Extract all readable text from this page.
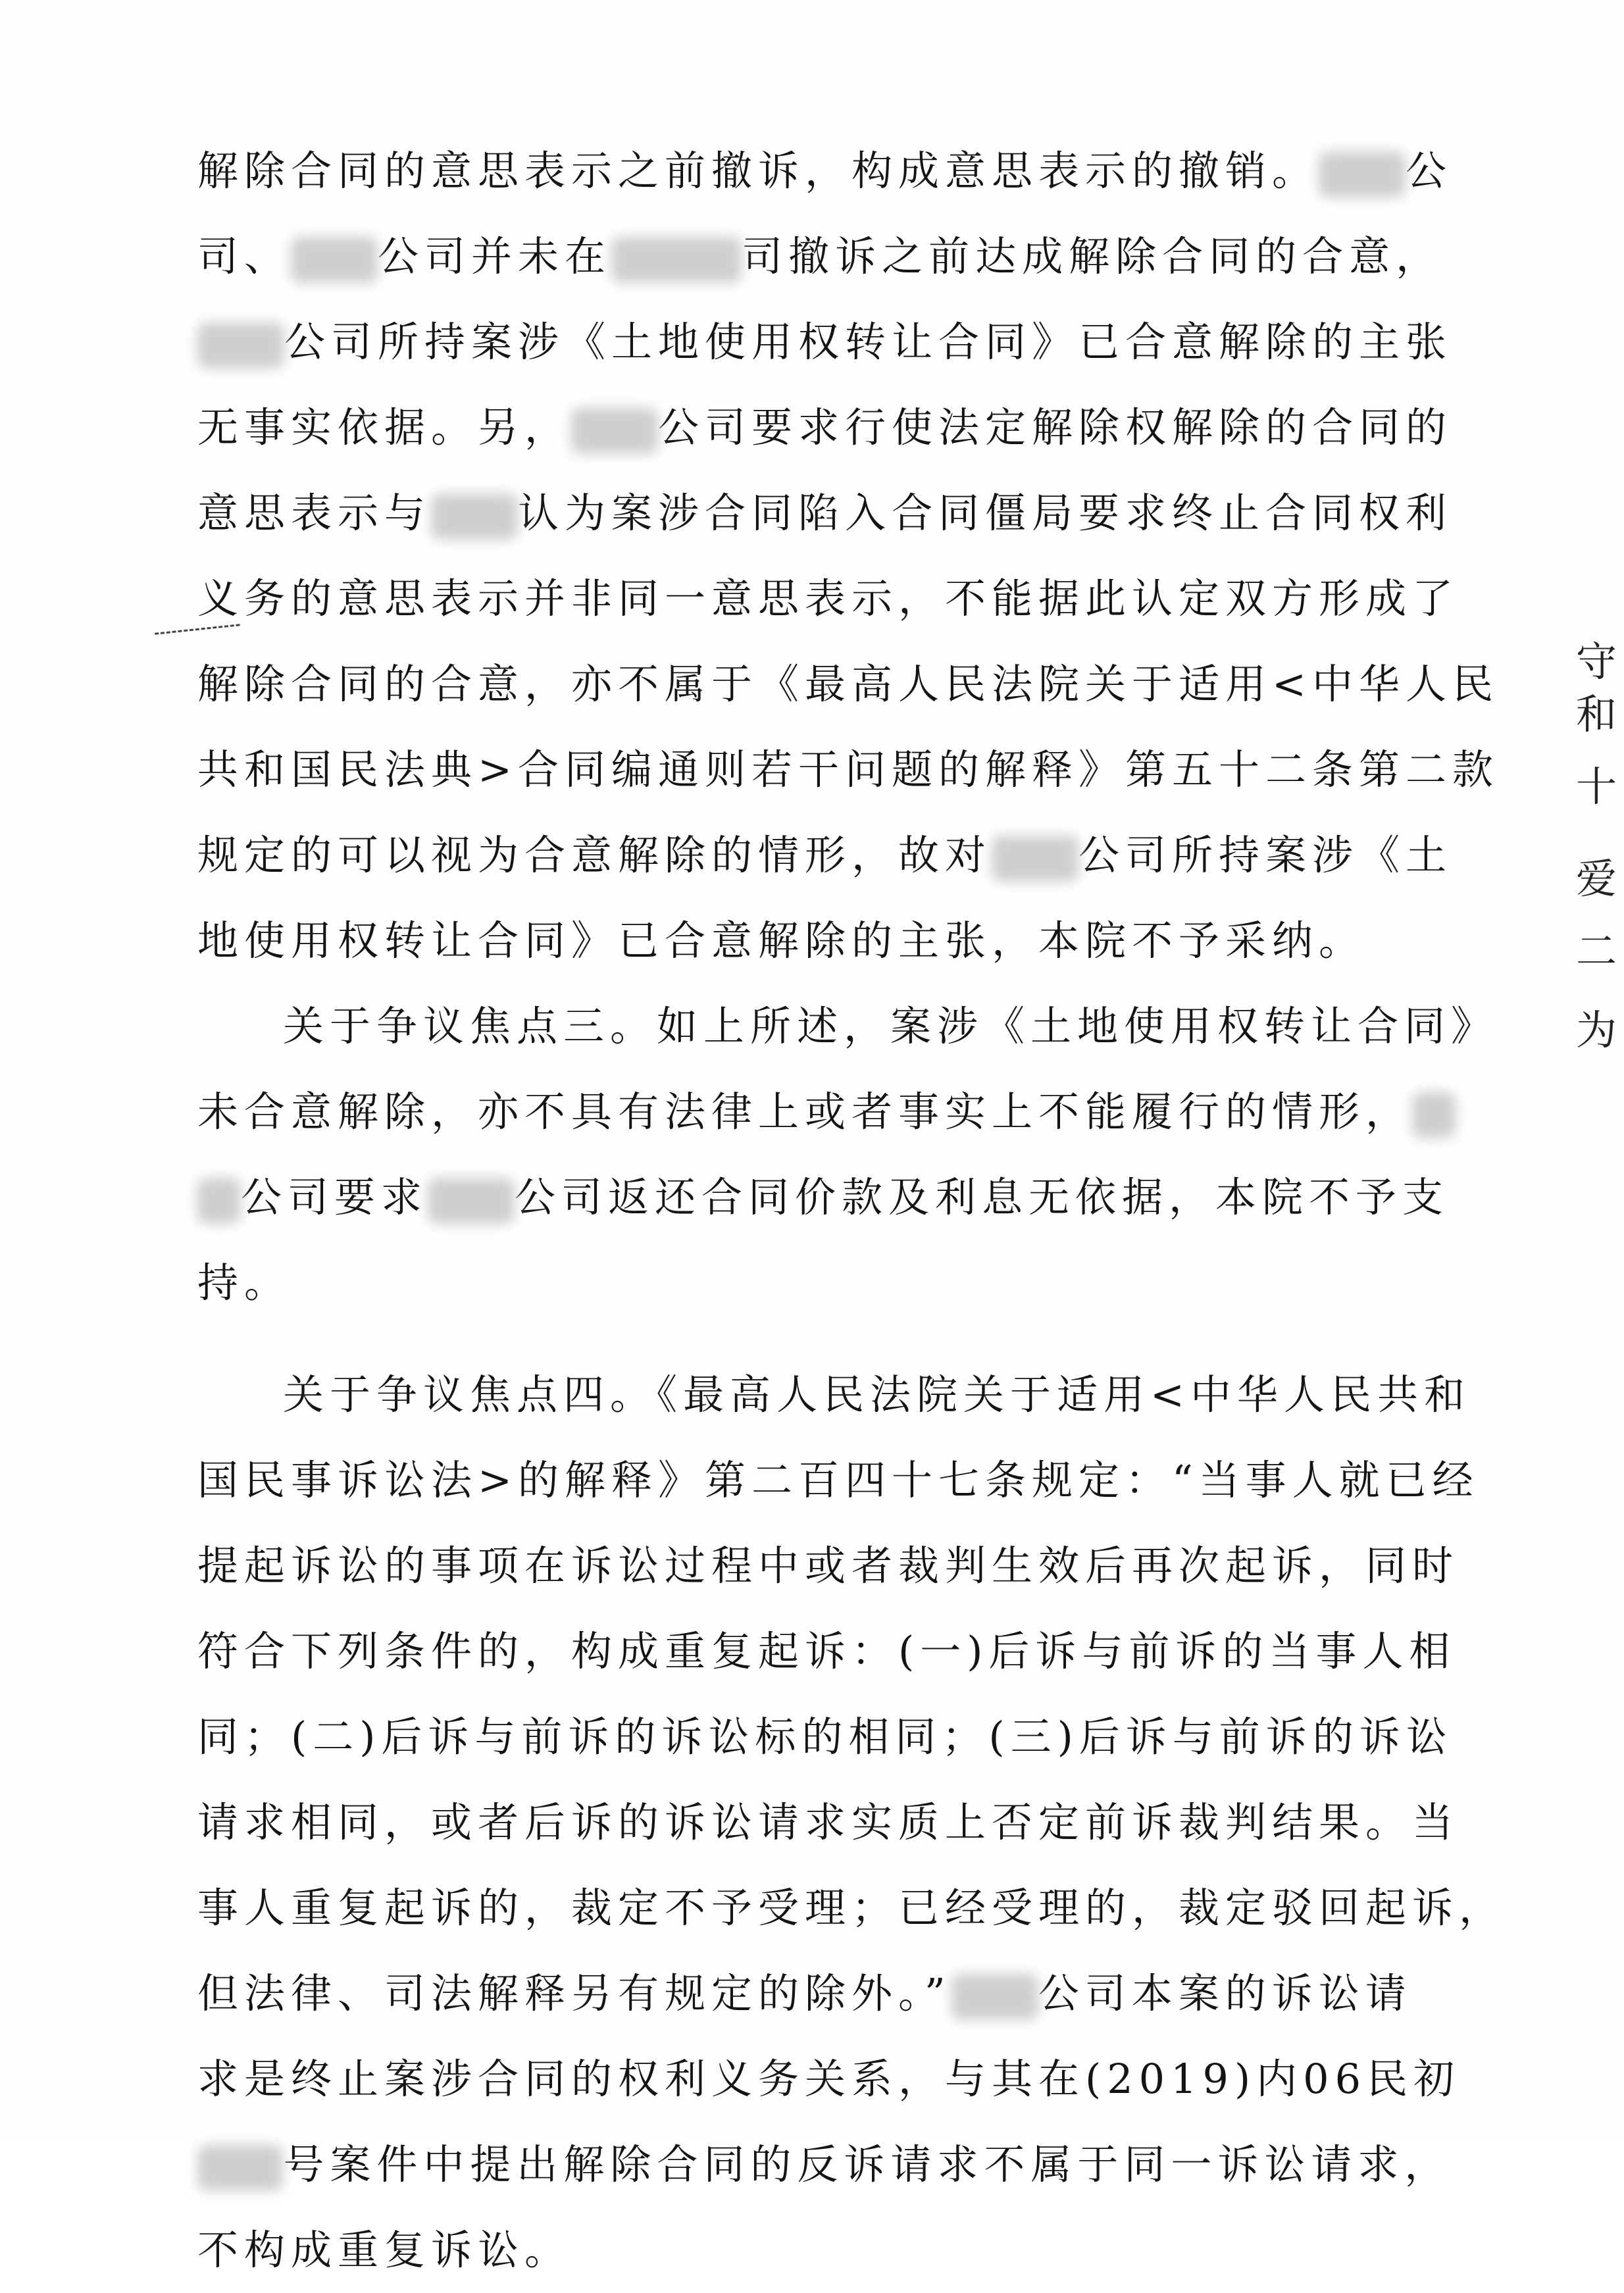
解除合同的意思表示之前撤诉，构成意思表示的撤销。 公
司、 公司并未在	司撤诉之前达成解除合同的合意，
公司所持案涉《土地使用权转让合同》已合意解除的主张
无事实依据。另， 公司要求行使法定解除权解除的合同的
意思表示与 认为案涉合同陷入合同僵局要求终止合同权利
义务的意思表示并非同一意思表示，不能据此认定双方形成了
解除合同的合意，亦不属于《最高人民法院关于适用<中华人民
共和国民法典>合同编通则若干问题的解释》第五十二条第二款
规定的可以视为合意解除的情形，故对 公司所持案涉《土
地使用权转让合同》已合意解除的主张，本院不予采纳。
关于争议焦点三。如上所述，案涉《土地使用权转让合同》
未合意解除，亦不具有法律上或者事实上不能履行的情形，
公司要求 公司返还合同价款及利息无依据，本院不予支
持。
关于争议焦点四。《最高人民法院关于适用<中华人民共和
国民事诉讼法>的解释》第二百四十七条规定：“当事人就已经
提起诉讼的事项在诉讼过程中或者裁判生效后再次起诉，同时
符合下列条件的，构成重复起诉：(一)后诉与前诉的当事人相
同；(二)后诉与前诉的诉讼标的相同；(三)后诉与前诉的诉讼
请求相同，或者后诉的诉讼请求实质上否定前诉裁判结果。当
事人重复起诉的，裁定不予受理；已经受理的，裁定驳回起诉，
但法律、司法解释另有规定的除外。” 公司本案的诉讼请
求是终止案涉合同的权利义务关系，与其在(2019)内06民初
号案件中提出解除合同的反诉请求不属于同一诉讼请求，
不构成重复诉讼。
守
和
十
爱
二
为
